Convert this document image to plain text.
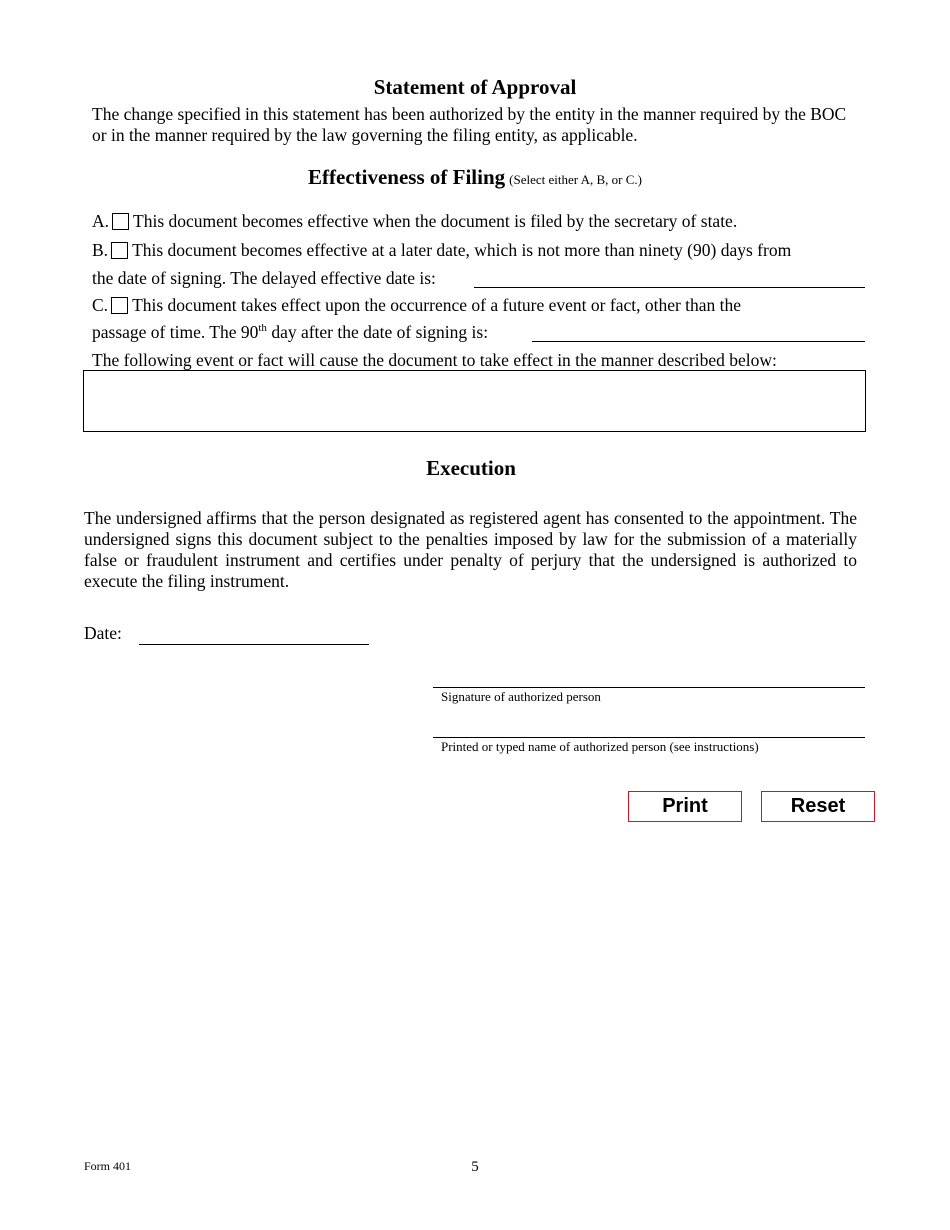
Statement of Approval
The change specified in this statement has been authorized by the entity in the manner required by the BOC or in the manner required by the law governing the filing entity, as applicable.
Effectiveness of Filing (Select either A, B, or C.)
A. This document becomes effective when the document is filed by the secretary of state.
B. This document becomes effective at a later date, which is not more than ninety (90) days from
the date of signing. The delayed effective date is:
C. This document takes effect upon the occurrence of a future event or fact, other than the
passage of time. The 90th day after the date of signing is:
The following event or fact will cause the document to take effect in the manner described below:
Execution
The undersigned affirms that the person designated as registered agent has consented to the appointment. The undersigned signs this document subject to the penalties imposed by law for the submission of a materially false or fraudulent instrument and certifies under penalty of perjury that the undersigned is authorized to execute the filing instrument.
Date:
Signature of authorized person
Printed or typed name of authorized person (see instructions)
Print	Reset
Form 401	5
